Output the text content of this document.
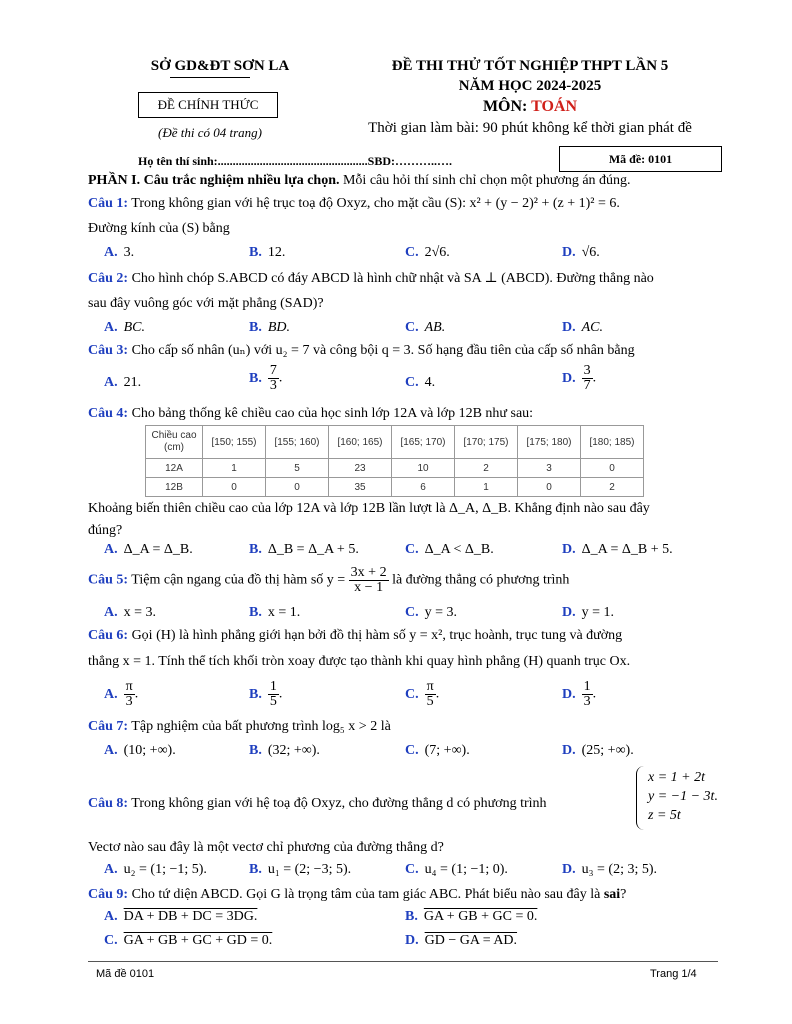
SỞ GD&ĐT SƠN LA
ĐỀ CHÍNH THỨC
(Đề thi có 04 trang)
ĐỀ THI THỬ TỐT NGHIỆP THPT LẦN 5
NĂM HỌC 2024-2025
MÔN: TOÁN
Thời gian làm bài: 90 phút không kể thời gian phát đề
Họ tên thí sinh:..................................................SBD:………..….	Mã đề: 0101
PHẦN I. Câu trắc nghiệm nhiều lựa chọn. Mỗi câu hỏi thí sinh chỉ chọn một phương án đúng.
Câu 1: Trong không gian với hệ trục toạ độ Oxyz, cho mặt cầu (S): x² + (y − 2)² + (z + 1)² = 6.
Đường kính của (S) bằng
A. 3.	B. 12.	C. 2√6.	D. √6.
Câu 2: Cho hình chóp S.ABCD có đáy ABCD là hình chữ nhật và SA ⊥ (ABCD). Đường thẳng nào
sau đây vuông góc với mặt phẳng (SAD)?
A. BC.	B. BD.	C. AB.	D. AC.
Câu 3: Cho cấp số nhân (uₙ) với u₂ = 7 và công bội q = 3. Số hạng đầu tiên của cấp số nhân bằng
A. 21.	B. $\frac{7}{3}$ .	C. 4.	D. $\frac{3}{7}$ .
Câu 4: Cho bảng thống kê chiều cao của học sinh lớp 12A và lớp 12B như sau:
Chiều cao (cm)	[150; 155)	[155; 160)	[160; 165)	[165; 170)	[170; 175)	[175; 180)	[180; 185)
12A	1	5	23	10	2	3	0
12B	0	0	35	6	1	0	2
Khoảng biến thiên chiều cao của lớp 12A và lớp 12B lần lượt là Δ_A, Δ_B. Khẳng định nào sau đây
đúng?
A. Δ_A = Δ_B.	B. Δ_B = Δ_A + 5.	C. Δ_A < Δ_B.	D. Δ_A = Δ_B + 5.
Câu 5: Tiệm cận ngang của đồ thị hàm số $y = \frac{3x + 2}{x - 1}$ là đường thẳng có phương trình
A. x = 3.	B. x = 1.	C. y = 3.	D. y = 1.
Câu 6: Gọi (H) là hình phẳng giới hạn bởi đồ thị hàm số y = x², trục hoành, trục tung và đường
thẳng x = 1. Tính thể tích khối tròn xoay được tạo thành khi quay hình phẳng (H) quanh trục Ox.
A. $\frac{\pi}{3}$ .	B. $\frac{1}{5}$ .	C. $\frac{\pi}{5}$ .	D. $\frac{1}{3}$ .
Câu 7: Tập nghiệm của bất phương trình log₅ x > 2 là
A. (10; +∞).	B. (32; +∞).	C. (7; +∞).	D. (25; +∞).
Câu 8: Trong không gian với hệ toạ độ Oxyz, cho đường thẳng d có phương trình
x = 1 + 2t
y = −1 − 3t.
z = 5t
Vectơ nào sau đây là một vectơ chỉ phương của đường thẳng d?
A. u₂ = (1; −1; 5).	B. u₁ = (2; −3; 5).	C. u₄ = (1; −1; 0).	D. u₃ = (2; 3; 5).
Câu 9: Cho tứ diện ABCD. Gọi G là trọng tâm của tam giác ABC. Phát biểu nào sau đây là sai?
A. DA + DB + DC = 3DG.	B. GA + GB + GC = 0.
C. GA + GB + GC + GD = 0.	D. GD − GA = AD.
Mã đề 0101	Trang 1/4
